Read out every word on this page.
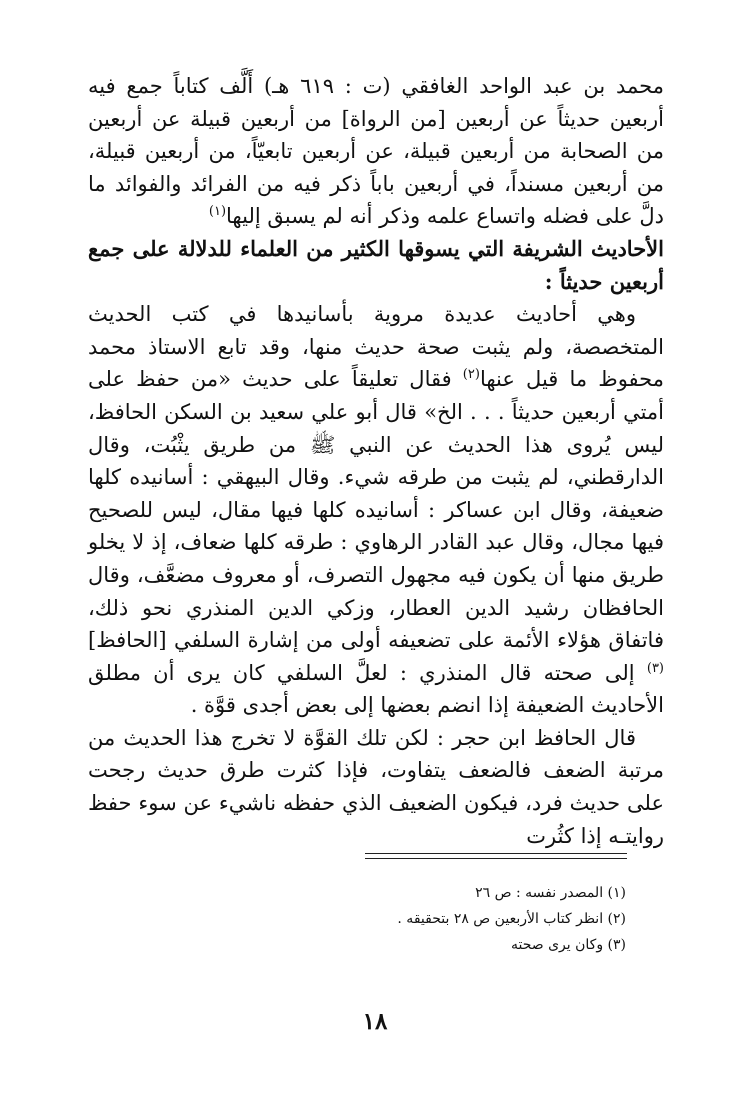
محمد بن عبد الواحد الغافقي (ت : ٦١٩ هـ) أَلَّف كتاباً جمع فيه أربعين حديثاً عن أربعين [من الرواة] من أربعين قبيلة عن أربعين من الصحابة من أربعين قبيلة، عن أربعين تابعيّاً، من أربعين قبيلة، من أربعين مسنداً، في أربعين باباً ذكر فيه من الفرائد والفوائد ما دلَّ على فضله واتساع علمه وذكر أنه لم يسبق إليها$^{(١)}$

الأحاديث الشريفة التي يسوقها الكثير من العلماء للدلالة على جمع أربعين حديثاً :

وهي أحاديث عديدة مروية بأسانيدها في كتب الحديث المتخصصة، ولم يثبت صحة حديث منها، وقد تابع الاستاذ محمد محفوظ ما قيل عنها$^{(٢)}$ فقال تعليقاً على حديث «من حفظ على أمتي أربعين حديثاً . . . الخ» قال أبو علي سعيد بن السكن الحافظ، ليس يُروى هذا الحديث عن النبي ﷺ من طريق يثْبُت، وقال الدارقطني، لم يثبت من طرقه شيء. وقال البيهقي : أسانيده كلها ضعيفة، وقال ابن عساكر : أسانيده كلها فيها مقال، ليس للصحيح فيها مجال، وقال عبد القادر الرهاوي : طرقه كلها ضعاف، إذ لا يخلو طريق منها أن يكون فيه مجهول التصرف، أو معروف مضعَّف، وقال الحافظان رشيد الدين العطار، وزكي الدين المنذري نحو ذلك، فاتفاق هؤلاء الأئمة على تضعيفه أولى من إشارة السلفي [الحافظ]$^{(٣)}$ إلى صحته قال المنذري : لعلَّ السلفي كان يرى أن مطلق الأحاديث الضعيفة إذا انضم بعضها إلى بعض أجدى قوَّة .

قال الحافظ ابن حجر : لكن تلك القوَّة لا تخرج هذا الحديث من مرتبة الضعف فالضعف يتفاوت، فإذا كثرت طرق حديث رجحت على حديث فرد، فيكون الضعيف الذي حفظه ناشيء عن سوء حفظ روايتـه إذا كثُرت

(١) المصدر نفسه : ص ٢٦
(٢) انظر كتاب الأربعين ص ٢٨ بتحقيقه .
(٣) وكان يرى صحته
١٨
